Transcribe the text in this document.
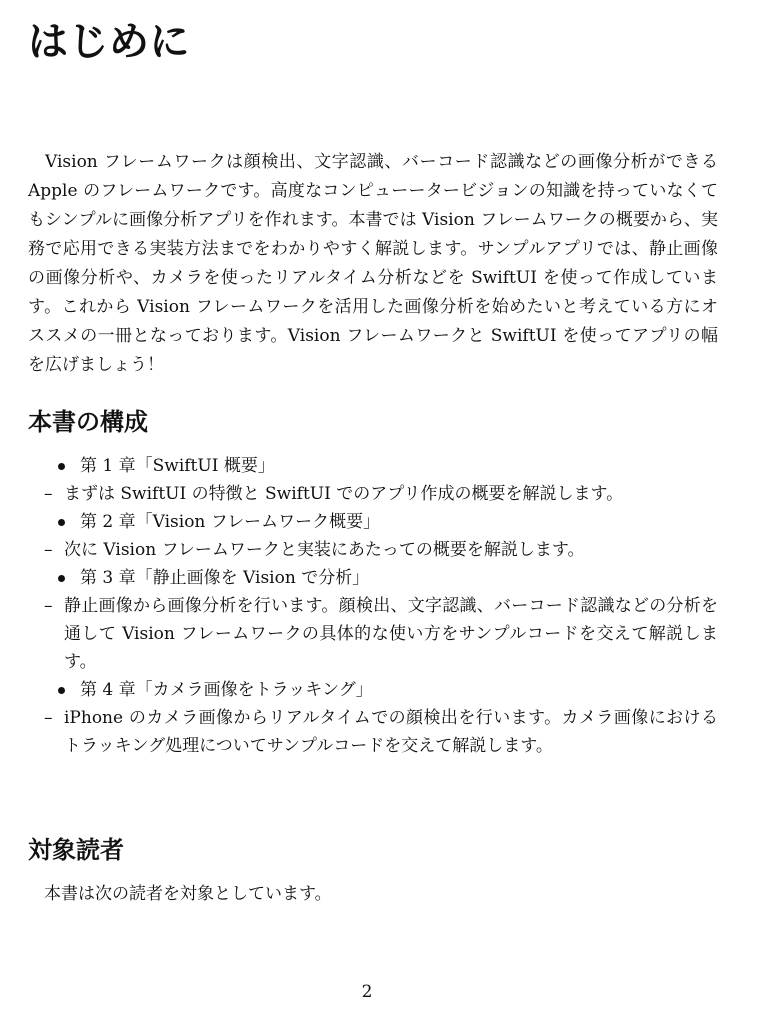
はじめに

Vision フレームワークは顔検出、文字認識、バーコード認識などの画像分析ができる Apple のフレームワークです。高度なコンピューータービジョンの知識を持っていなくてもシンプルに画像分析アプリを作れます。本書では Vision フレームワークの概要から、実務で応用できる実装方法までをわかりやすく解説します。サンプルアプリでは、静止画像の画像分析や、カメラを使ったリアルタイム分析などを SwiftUI を使って作成しています。これから Vision フレームワークを活用した画像分析を始めたいと考えている方にオススメの一冊となっております。Vision フレームワークと SwiftUI を使ってアプリの幅を広げましょう！

本書の構成
第 1 章「SwiftUI 概要」
– まずは SwiftUI の特徴と SwiftUI でのアプリ作成の概要を解説します。
第 2 章「Vision フレームワーク概要」
– 次に Vision フレームワークと実装にあたっての概要を解説します。
第 3 章「静止画像を Vision で分析」
– 静止画像から画像分析を行います。顔検出、文字認識、バーコード認識などの分析を通して Vision フレームワークの具体的な使い方をサンプルコードを交えて解説します。
第 4 章「カメラ画像をトラッキング」
– iPhone のカメラ画像からリアルタイムでの顔検出を行います。カメラ画像におけるトラッキング処理についてサンプルコードを交えて解説します。
対象読者

本書は次の読者を対象としています。

2
